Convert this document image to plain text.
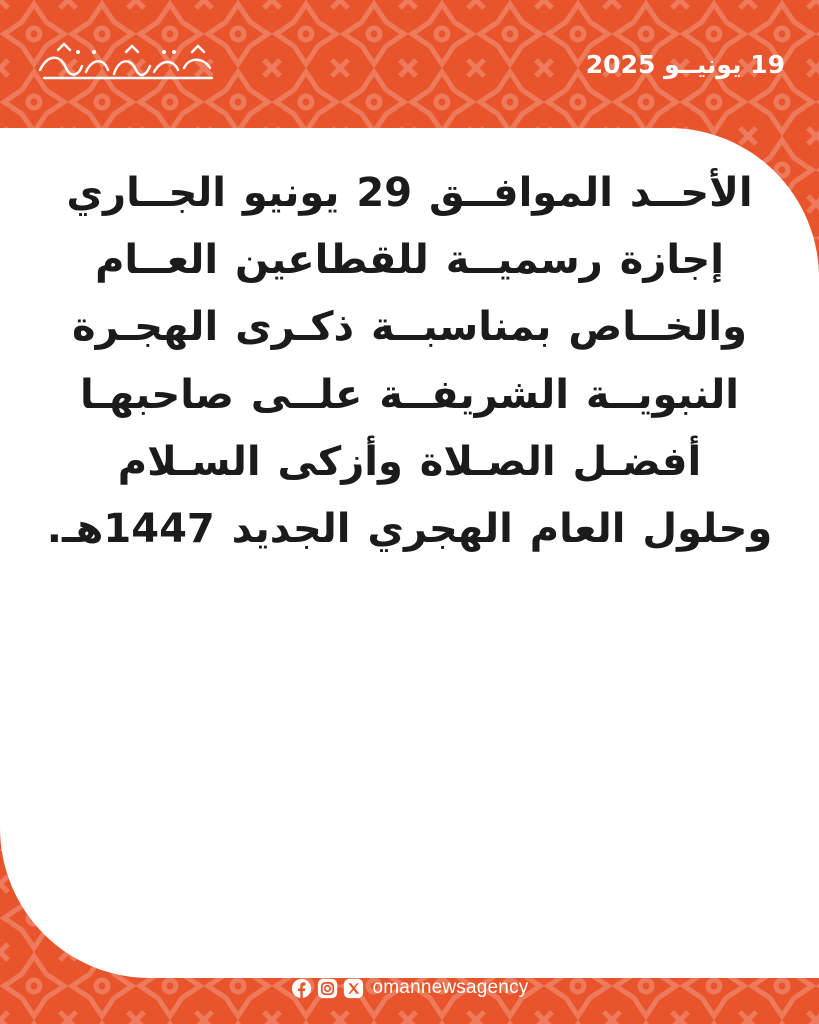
19 يونيــو 2025
الأحــد الموافــق 29 يونيو الجــاري إجازة رسميــة للقطاعين العــام والخــاص بمناسبــة ذكـرى الهجـرة النبويــة الشريفــة علــى صاحبهـا أفضـل الصـلاة وأزكى السـلام وحلول العام الهجري الجديد 1447هـ.
omannewsagency
